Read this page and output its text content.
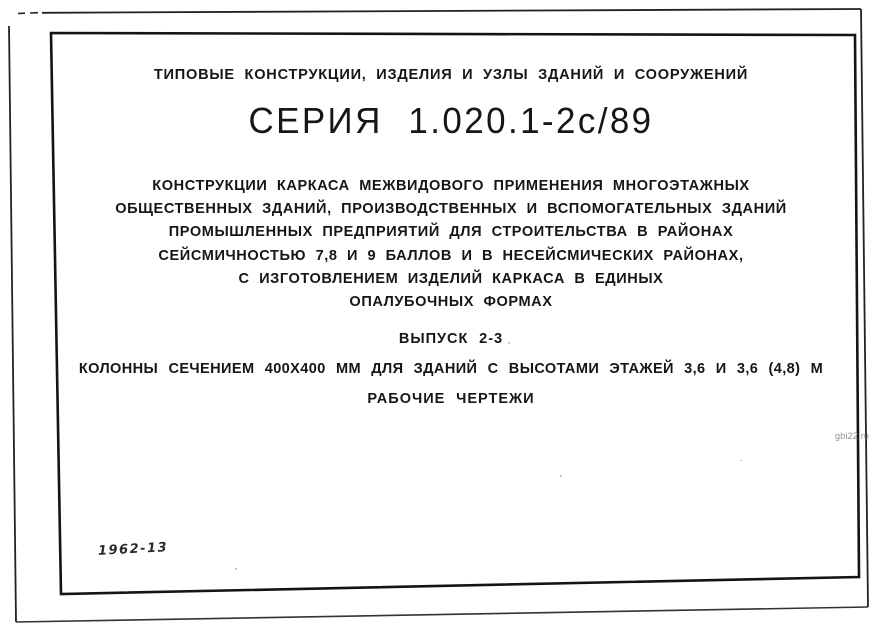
ТИПОВЫЕ КОНСТРУКЦИИ, ИЗДЕЛИЯ И УЗЛЫ ЗДАНИЙ И СООРУЖЕНИЙ
СЕРИЯ 1.020.1-2с/89
КОНСТРУКЦИИ КАРКАСА МЕЖВИДОВОГО ПРИМЕНЕНИЯ МНОГОЭТАЖНЫХ
ОБЩЕСТВЕННЫХ ЗДАНИЙ, ПРОИЗВОДСТВЕННЫХ И ВСПОМОГАТЕЛЬНЫХ ЗДАНИЙ
ПРОМЫШЛЕННЫХ ПРЕДПРИЯТИЙ ДЛЯ СТРОИТЕЛЬСТВА В РАЙОНАХ
СЕЙСМИЧНОСТЬЮ 7,8 И 9 БАЛЛОВ И В НЕСЕЙСМИЧЕСКИХ РАЙОНАХ,
С ИЗГОТОВЛЕНИЕМ ИЗДЕЛИЙ КАРКАСА В ЕДИНЫХ
ОПАЛУБОЧНЫХ ФОРМАХ
ВЫПУСК 2-3
КОЛОННЫ СЕЧЕНИЕМ 400Х400 ММ ДЛЯ ЗДАНИЙ С ВЫСОТАМИ ЭТАЖЕЙ 3,6 И 3,6 (4,8) М
РАБОЧИЕ ЧЕРТЕЖИ
1962-13
gbi22.ru
